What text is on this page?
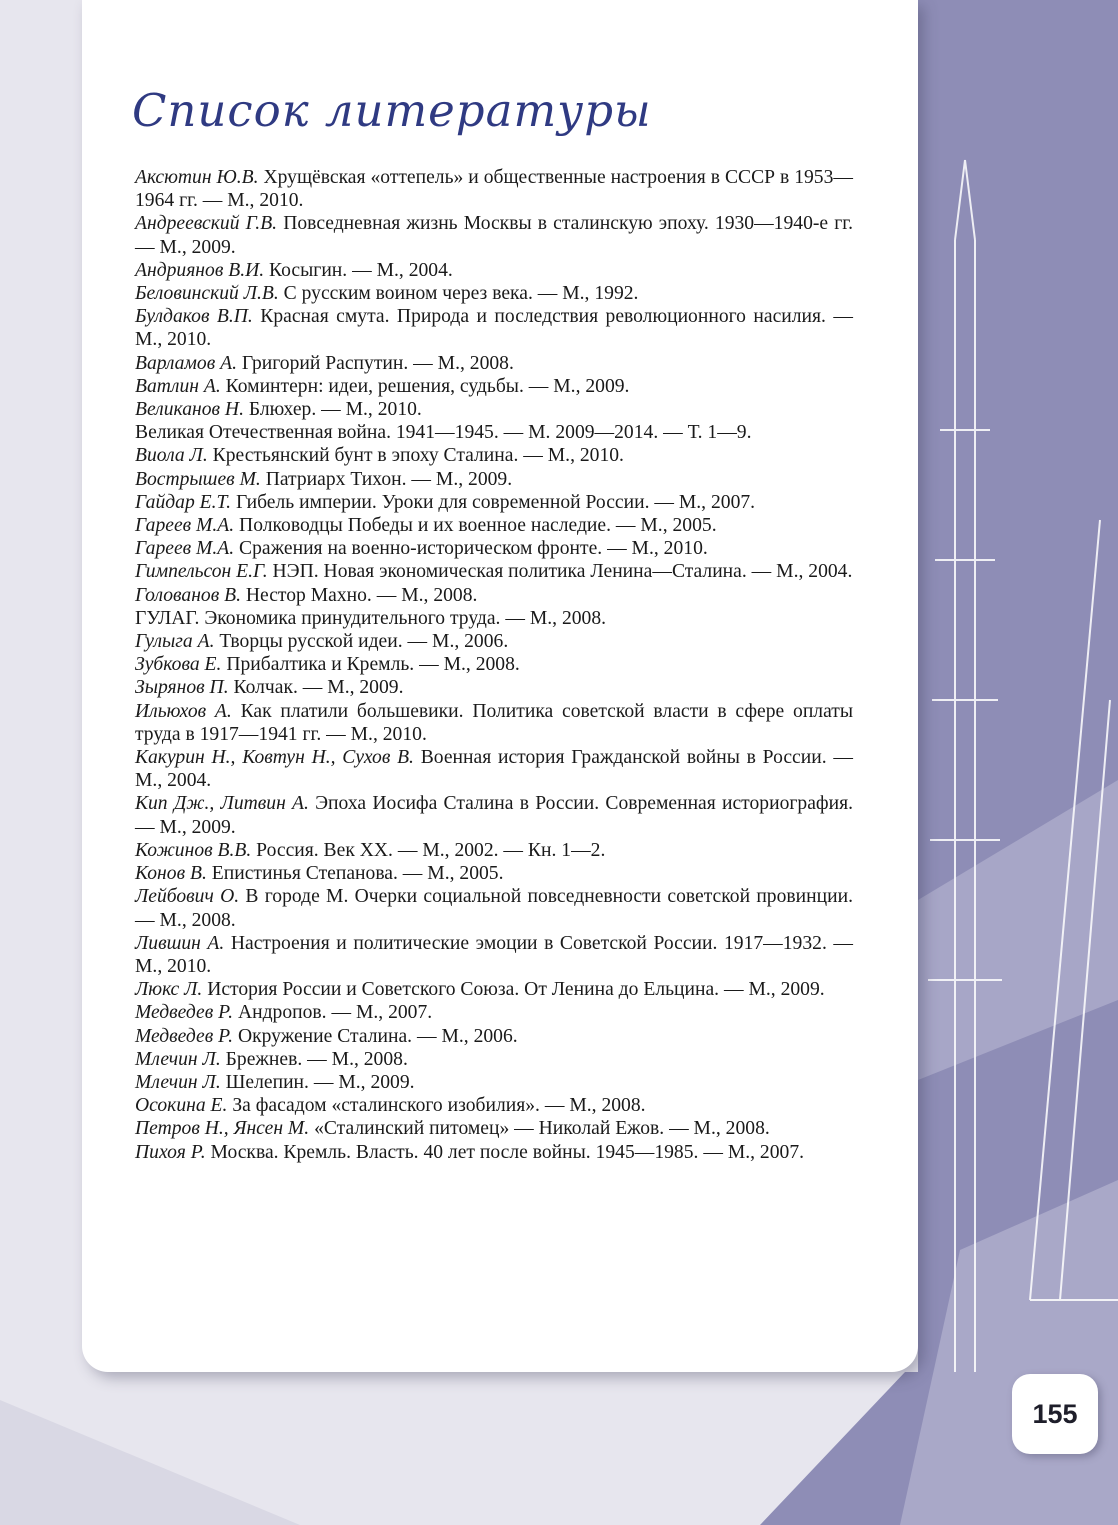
Список литературы
Аксютин Ю.В. Хрущёвская «оттепель» и общественные настроения в СССР в 1953—1964 гг. — М., 2010.
Андреевский Г.В. Повседневная жизнь Москвы в сталинскую эпоху. 1930—1940-е гг. — М., 2009.
Андриянов В.И. Косыгин. — М., 2004.
Беловинский Л.В. С русским воином через века. — М., 1992.
Булдаков В.П. Красная смута. Природа и последствия революционного насилия. — М., 2010.
Варламов А. Григорий Распутин. — М., 2008.
Ватлин А. Коминтерн: идеи, решения, судьбы. — М., 2009.
Великанов Н. Блюхер. — М., 2010.
Великая Отечественная война. 1941—1945. — М. 2009—2014. — Т. 1—9.
Виола Л. Крестьянский бунт в эпоху Сталина. — М., 2010.
Вострышев М. Патриарх Тихон. — М., 2009.
Гайдар Е.Т. Гибель империи. Уроки для современной России. — М., 2007.
Гареев М.А. Полководцы Победы и их военное наследие. — М., 2005.
Гареев М.А. Сражения на военно-историческом фронте. — М., 2010.
Гимпельсон Е.Г. НЭП. Новая экономическая политика Ленина—Сталина. — М., 2004.
Голованов В. Нестор Махно. — М., 2008.
ГУЛАГ. Экономика принудительного труда. — М., 2008.
Гулыга А. Творцы русской идеи. — М., 2006.
Зубкова Е. Прибалтика и Кремль. — М., 2008.
Зырянов П. Колчак. — М., 2009.
Ильюхов А. Как платили большевики. Политика советской власти в сфере оплаты труда в 1917—1941 гг. — М., 2010.
Какурин Н., Ковтун Н., Сухов В. Военная история Гражданской войны в России. — М., 2004.
Кип Дж., Литвин А. Эпоха Иосифа Сталина в России. Современная историография. — М., 2009.
Кожинов В.В. Россия. Век XX. — М., 2002. — Кн. 1—2.
Конов В. Епистинья Степанова. — М., 2005.
Лейбович О. В городе М. Очерки социальной повседневности советской провинции. — М., 2008.
Лившин А. Настроения и политические эмоции в Советской России. 1917—1932. — М., 2010.
Люкс Л. История России и Советского Союза. От Ленина до Ельцина. — М., 2009.
Медведев Р. Андропов. — М., 2007.
Медведев Р. Окружение Сталина. — М., 2006.
Млечин Л. Брежнев. — М., 2008.
Млечин Л. Шелепин. — М., 2009.
Осокина Е. За фасадом «сталинского изобилия». — М., 2008.
Петров Н., Янсен М. «Сталинский питомец» — Николай Ежов. — М., 2008.
Пихоя Р. Москва. Кремль. Власть. 40 лет после войны. 1945—1985. — М., 2007.
155
